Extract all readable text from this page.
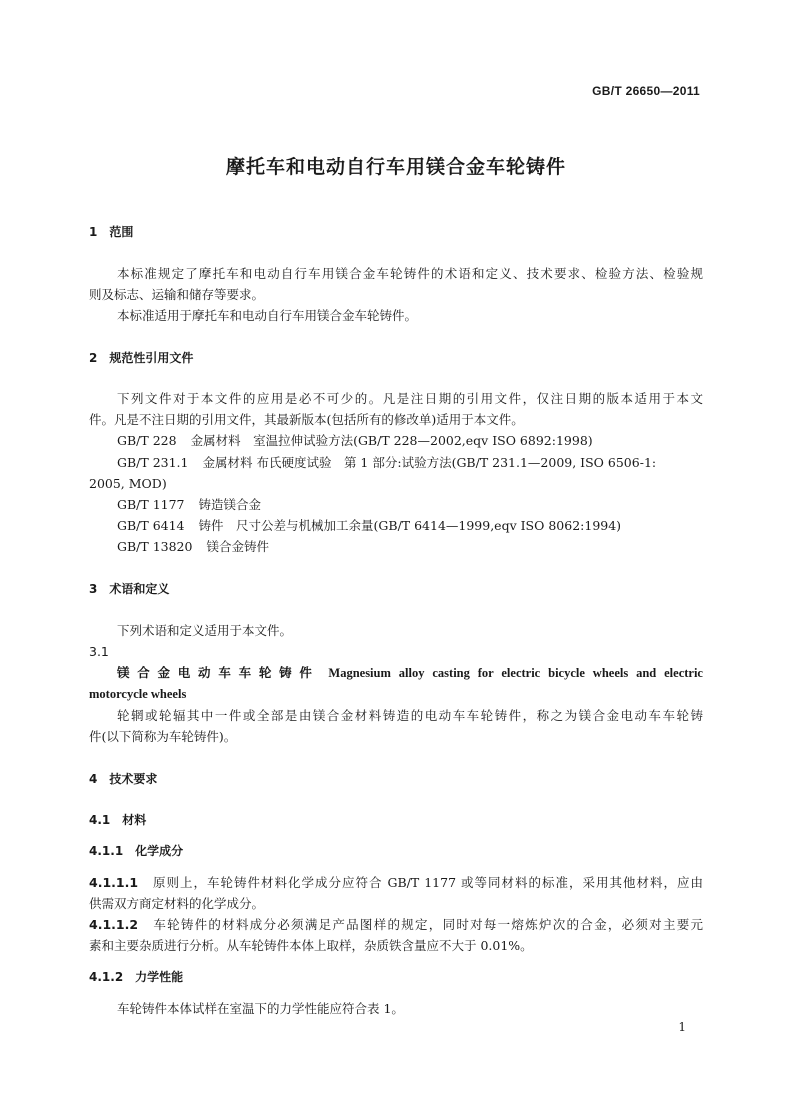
GB/T 26650—2011
摩托车和电动自行车用镁合金车轮铸件
1 范围
本标准规定了摩托车和电动自行车用镁合金车轮铸件的术语和定义、技术要求、检验方法、检验规
则及标志、运输和储存等要求。
本标准适用于摩托车和电动自行车用镁合金车轮铸件。
2 规范性引用文件
下列文件对于本文件的应用是必不可少的。凡是注日期的引用文件，仅注日期的版本适用于本文
件。凡是不注日期的引用文件，其最新版本(包括所有的修改单)适用于本文件。
GB/T 228 金属材料　室温拉伸试验方法(GB/T 228—2002,eqv ISO 6892:1998)
GB/T 231.1 金属材料 布氏硬度试验　第 1 部分:试验方法(GB/T 231.1—2009, ISO 6506-1:
2005, MOD)
GB/T 1177 铸造镁合金
GB/T 6414 铸件　尺寸公差与机械加工余量(GB/T 6414—1999,eqv ISO 8062:1994)
GB/T 13820 镁合金铸件
3 术语和定义
下列术语和定义适用于本文件。
3.1
镁合金电动车车轮铸件 Magnesium alloy casting for electric bicycle wheels and electric
motorcycle wheels
轮辋或轮辐其中一件或全部是由镁合金材料铸造的电动车车轮铸件，称之为镁合金电动车车轮铸
件(以下简称为车轮铸件)。
4 技术要求
4.1 材料
4.1.1 化学成分
4.1.1.1 原则上，车轮铸件材料化学成分应符合 GB/T 1177 或等同材料的标准，采用其他材料，应由
供需双方商定材料的化学成分。
4.1.1.2 车轮铸件的材料成分必须满足产品图样的规定，同时对每一熔炼炉次的合金，必须对主要元
素和主要杂质进行分析。从车轮铸件本体上取样，杂质铁含量应不大于 0.01%。
4.1.2 力学性能
车轮铸件本体试样在室温下的力学性能应符合表 1。
1
